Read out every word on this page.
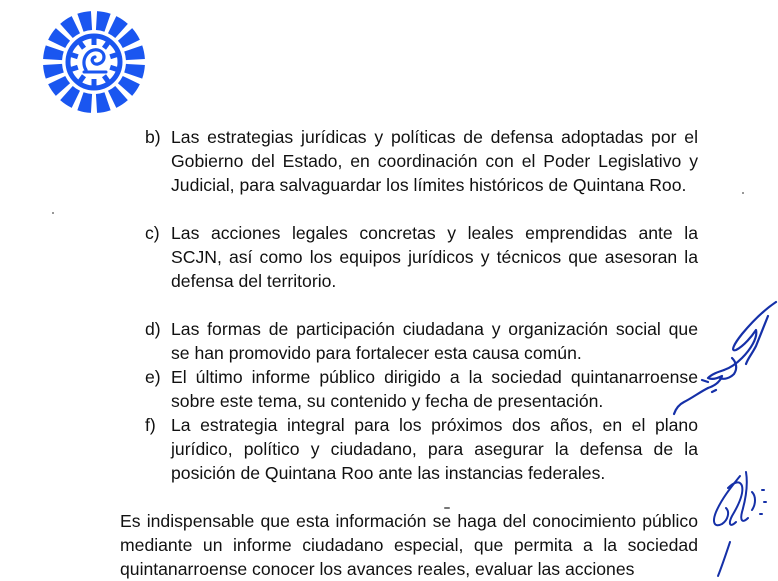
b) Las estrategias jurídicas y políticas de defensa adoptadas por el Gobierno del Estado, en coordinación con el Poder Legislativo y Judicial, para salvaguardar los límites históricos de Quintana Roo.
c) Las acciones legales concretas y leales emprendidas ante la SCJN, así como los equipos jurídicos y técnicos que asesoran la defensa del territorio.
d) Las formas de participación ciudadana y organización social que se han promovido para fortalecer esta causa común.
e) El último informe público dirigido a la sociedad quintanarroense sobre este tema, su contenido y fecha de presentación.
f) La estrategia integral para los próximos dos años, en el plano jurídico, político y ciudadano, para asegurar la defensa de la posición de Quintana Roo ante las instancias federales.
Es indispensable que esta información se haga del conocimiento público mediante un informe ciudadano especial, que permita a la sociedad quintanarroense conocer los avances reales, evaluar las acciones
